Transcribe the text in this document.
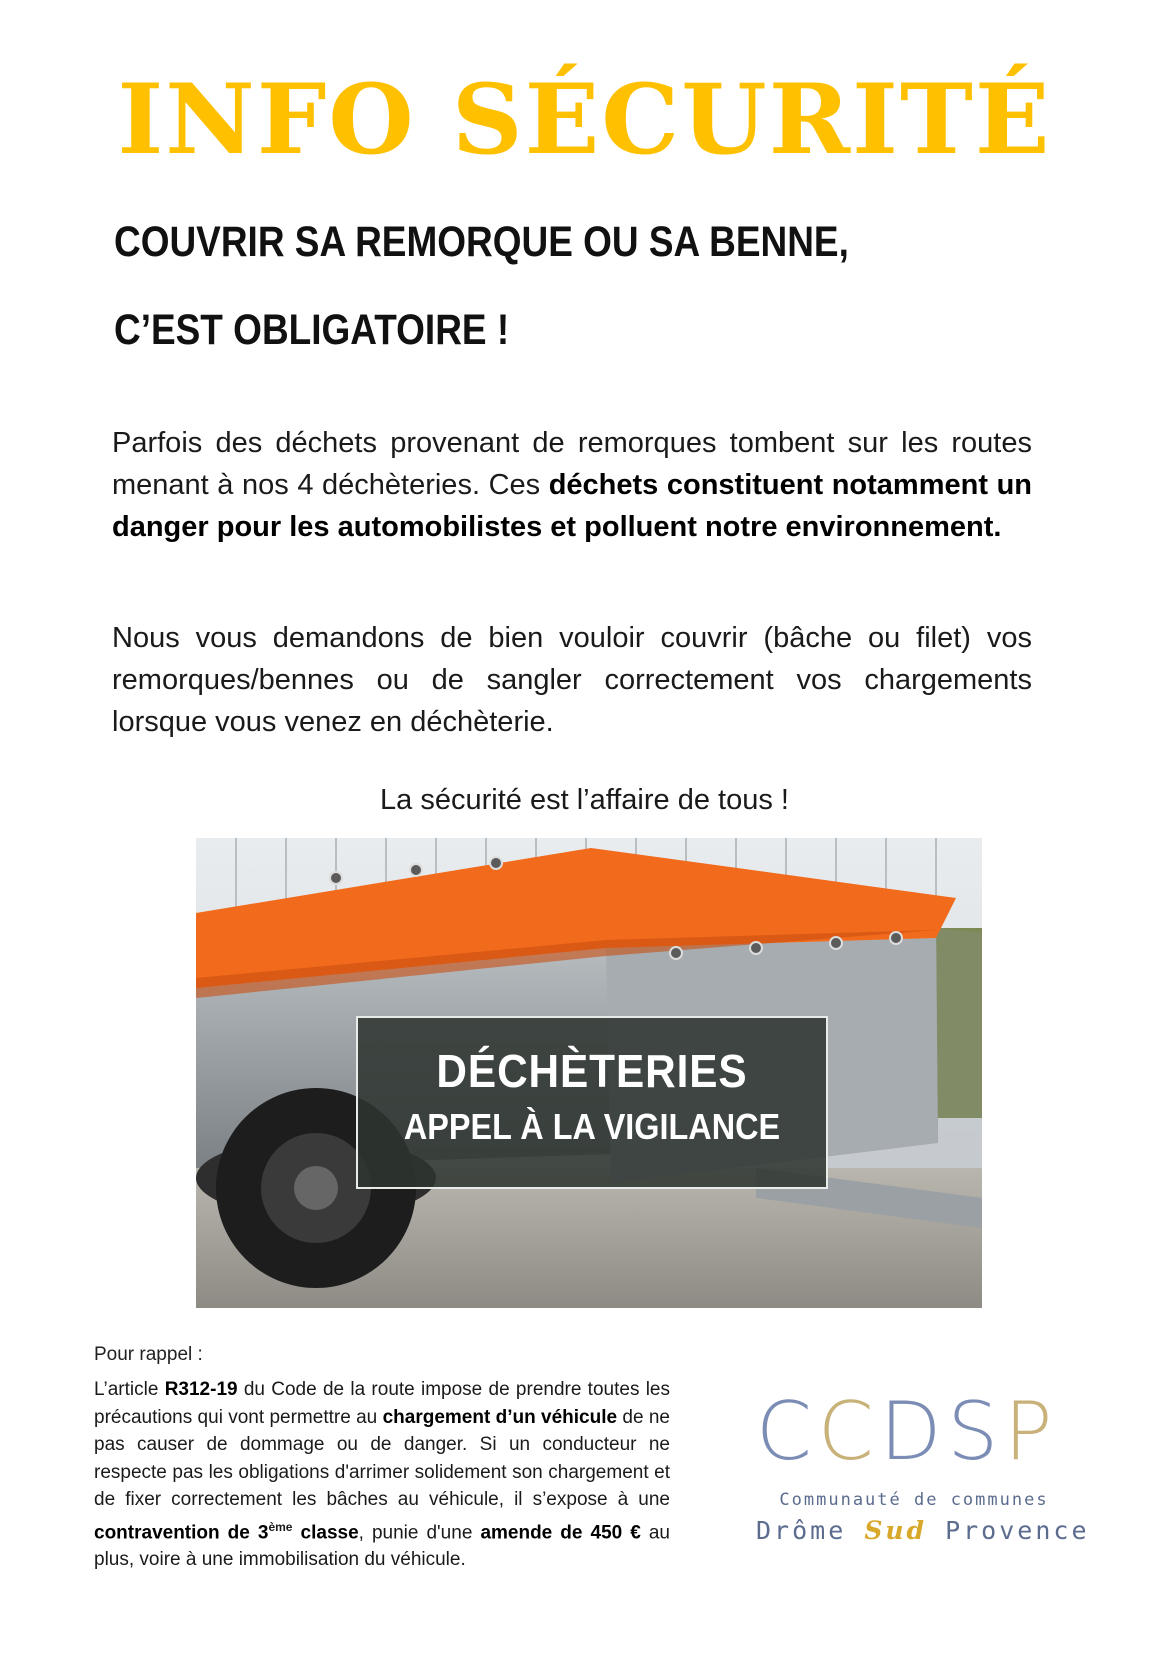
INFO SÉCURITÉ
COUVRIR SA REMORQUE OU SA BENNE,
C’EST OBLIGATOIRE !
Parfois des déchets provenant de remorques tombent sur les routes menant à nos 4 déchèteries. Ces déchets constituent notamment un danger pour les automobilistes et polluent notre environnement.
Nous vous demandons de bien vouloir couvrir (bâche ou filet) vos remorques/bennes ou de sangler correctement vos chargements lorsque vous venez en déchèterie.
La sécurité est l’affaire de tous !
DÉCHÈTERIES
APPEL À LA VIGILANCE
Pour rappel :
L’article R312-19 du Code de la route impose de prendre toutes les précautions qui vont permettre au chargement d’un véhicule de ne pas causer de dommage ou de danger. Si un conducteur ne respecte pas les obligations d'arrimer solidement son chargement et de fixer correctement les bâches au véhicule, il s’expose à une contravention de 3ème classe, punie d'une amende de 450 € au plus, voire à une immobilisation du véhicule.
CCDSP
Communauté de communes
Drôme Sud Provence
